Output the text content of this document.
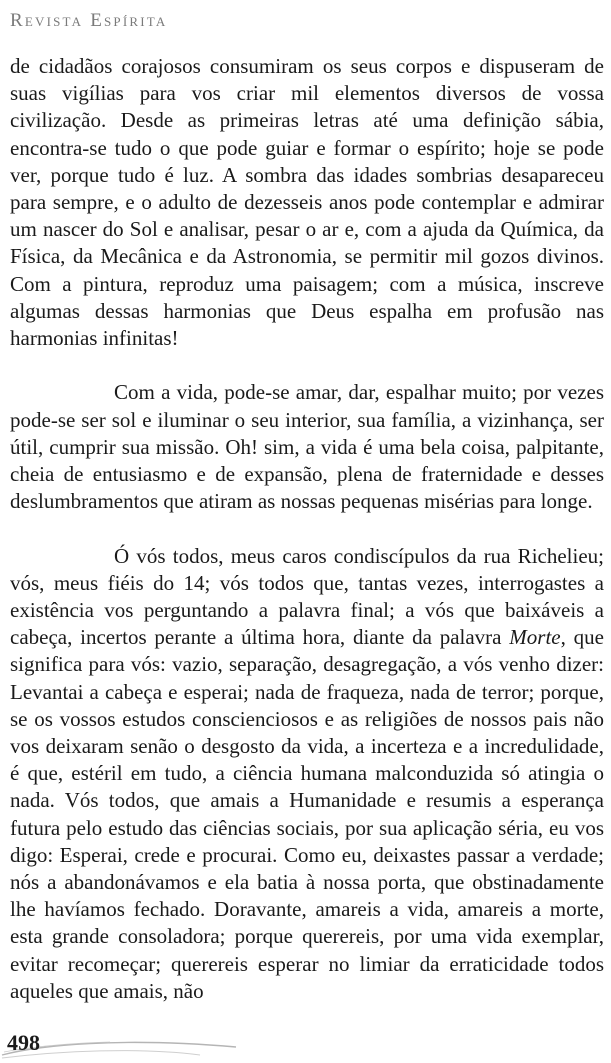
Revista Espírita

de cidadãos corajosos consumiram os seus corpos e dispuseram de suas vigílias para vos criar mil elementos diversos de vossa civilização. Desde as primeiras letras até uma definição sábia, encontra-se tudo o que pode guiar e formar o espírito; hoje se pode ver, porque tudo é luz. A sombra das idades sombrias desapareceu para sempre, e o adulto de dezesseis anos pode contemplar e admirar um nascer do Sol e analisar, pesar o ar e, com a ajuda da Química, da Física, da Mecânica e da Astronomia, se permitir mil gozos divinos. Com a pintura, reproduz uma paisagem; com a música, inscreve algumas dessas harmonias que Deus espalha em profusão nas harmonias infinitas!

Com a vida, pode-se amar, dar, espalhar muito; por vezes pode-se ser sol e iluminar o seu interior, sua família, a vizinhança, ser útil, cumprir sua missão. Oh! sim, a vida é uma bela coisa, palpitante, cheia de entusiasmo e de expansão, plena de fraternidade e desses deslumbramentos que atiram as nossas pequenas misérias para longe.

Ó vós todos, meus caros condiscípulos da rua Richelieu; vós, meus fiéis do 14; vós todos que, tantas vezes, interrogastes a existência vos perguntando a palavra final; a vós que baixáveis a cabeça, incertos perante a última hora, diante da palavra Morte, que significa para vós: vazio, separação, desagregação, a vós venho dizer: Levantai a cabeça e esperai; nada de fraqueza, nada de terror; porque, se os vossos estudos conscienciosos e as religiões de nossos pais não vos deixaram senão o desgosto da vida, a incerteza e a incredulidade, é que, estéril em tudo, a ciência humana malconduzida só atingia o nada. Vós todos, que amais a Humanidade e resumis a esperança futura pelo estudo das ciências sociais, por sua aplicação séria, eu vos digo: Esperai, crede e procurai. Como eu, deixastes passar a verdade; nós a abandonávamos e ela batia à nossa porta, que obstinadamente lhe havíamos fechado. Doravante, amareis a vida, amareis a morte, esta grande consoladora; porque querereis, por uma vida exemplar, evitar recomeçar; querereis esperar no limiar da erraticidade todos aqueles que amais, não

498
